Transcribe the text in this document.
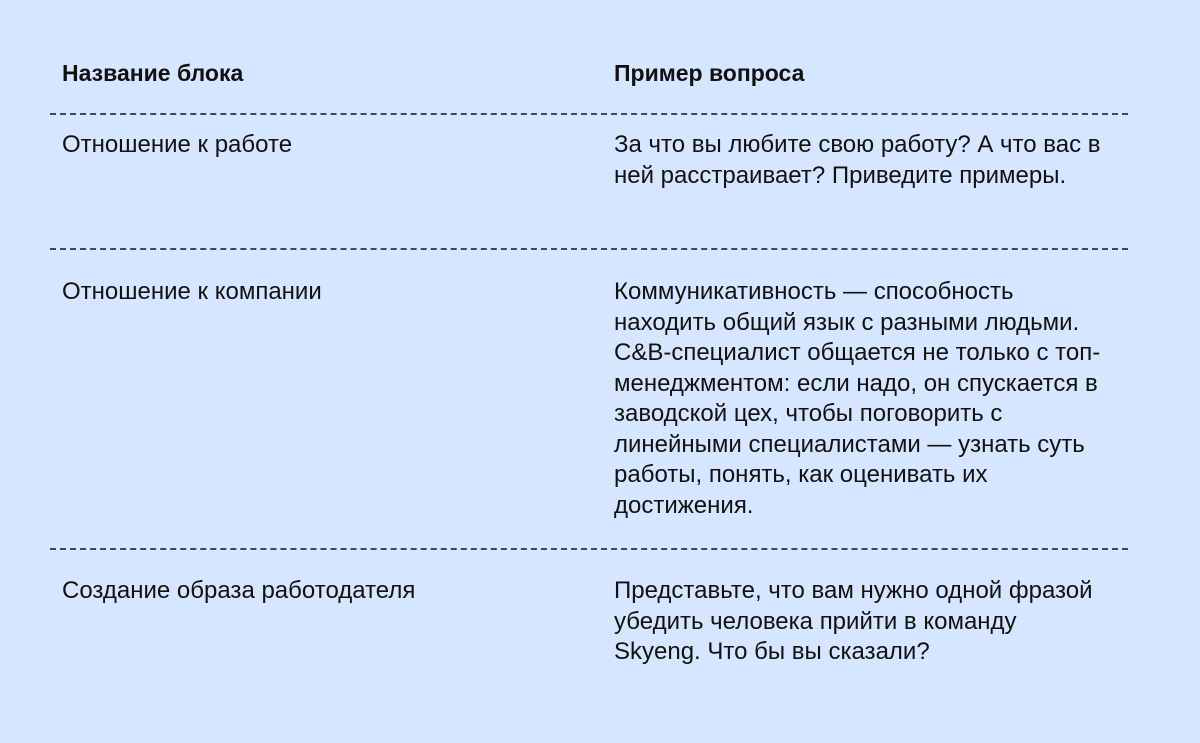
Название блока	Пример вопроса
Отношение к работе	За что вы любите свою работу? А что вас в ней расстраивает? Приведите примеры.
Отношение к компании	Коммуникативность — способность находить общий язык с разными людьми. C&B-специалист общается не только с топ-менеджментом: если надо, он спускается в заводской цех, чтобы поговорить с линейными специалистами — узнать суть работы, понять, как оценивать их достижения.
Создание образа работодателя	Представьте, что вам нужно одной фразой убедить человека прийти в команду Skyeng. Что бы вы сказали?
